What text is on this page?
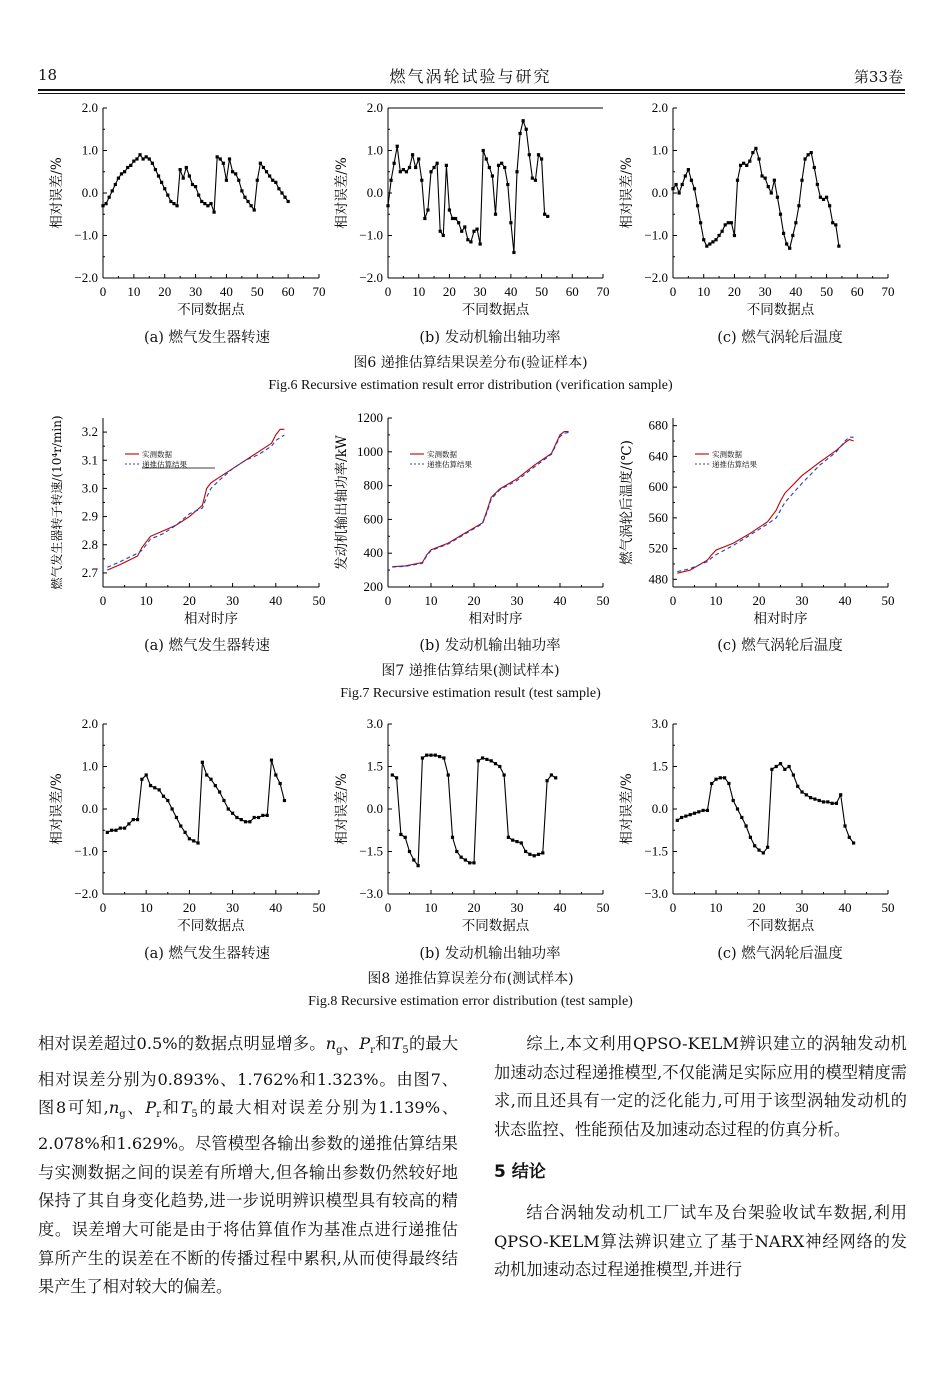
18	燃气涡轮试验与研究	第33卷
0 10 20 30 40 50 60 70
2.0
1.0
0.0
−1.0
−2.0
不同数据点
相对误差/%
0 10 20 30 40 50 60 70
2.0
1.0
0.0
−1.0
−2.0
不同数据点
相对误差/%
0 10 20 30 40 50 60 70
2.0
1.0
0.0
−1.0
−2.0
不同数据点
相对误差/%
0	10 20 30 40 50
3.2
3.1
3.0
2.9
2.8
2.7
相对时序
燃气发生器转子转速/(10⁴r/min)	实测数据
递推估算结果
0	10 20 30 40 50
1200
1000
800
600
400
200
相对时序
发动机输出轴功率/kW	实测数据
递推估算结果
0	10 20 30 40 50
680
640
600
560
520
480
相对时序
燃气涡轮后温度/(℃)	实测数据
递推估算结果
0	10 20 30 40 50
2.0
1.0
0.0
−1.0
−2.0
不同数据点
相对误差/%
0	10 20 30 40 50
3.0
1.5
0.0
−1.5
−3.0
不同数据点
相对误差/%
0	10 20 30 40 50
3.0
1.5
0.0
−1.5
−3.0
不同数据点
相对误差/%
(a) 燃气发生器转速	(b) 发动机输出轴功率	(c) 燃气涡轮后温度
图6 递推估算结果误差分布(验证样本)
Fig.6 Recursive estimation result error distribution (verification sample)
(a) 燃气发生器转速	(b) 发动机输出轴功率	(c) 燃气涡轮后温度
图7 递推估算结果(测试样本)
Fig.7 Recursive estimation result (test sample)
(a) 燃气发生器转速	(b) 发动机输出轴功率	(c) 燃气涡轮后温度
图8 递推估算误差分布(测试样本)
Fig.8 Recursive estimation error distribution (test sample)

相对误差超过0.5%的数据点明显增多。$n_g$、$P_r$和$T_5$的最大相对误差分别为0.893%、1.762%和1.323%。由图7、图8可知$,n_g$、$P_r$和$T_5$的最大相对误差分别为1.139%、2.078%和1.629%。尽管模型各输出参数的递推估算结果与实测数据之间的误差有所增大,但各输出参数仍然较好地保持了其自身变化趋势,进一步说明辨识模型具有较高的精度。误差增大可能是由于将估算值作为基准点进行递推估算所产生的误差在不断的传播过程中累积,从而使得最终结果产生了相对较大的偏差。

综上,本文利用QPSO-KELM辨识建立的涡轴发动机加速动态过程递推模型,不仅能满足实际应用的模型精度需求,而且还具有一定的泛化能力,可用于该型涡轴发动机的状态监控、性能预估及加速动态过程的仿真分析。

5 结论

结合涡轴发动机工厂试车及台架验收试车数据,利用QPSO-KELM算法辨识建立了基于NARX神经网络的发动机加速动态过程递推模型,并进行
